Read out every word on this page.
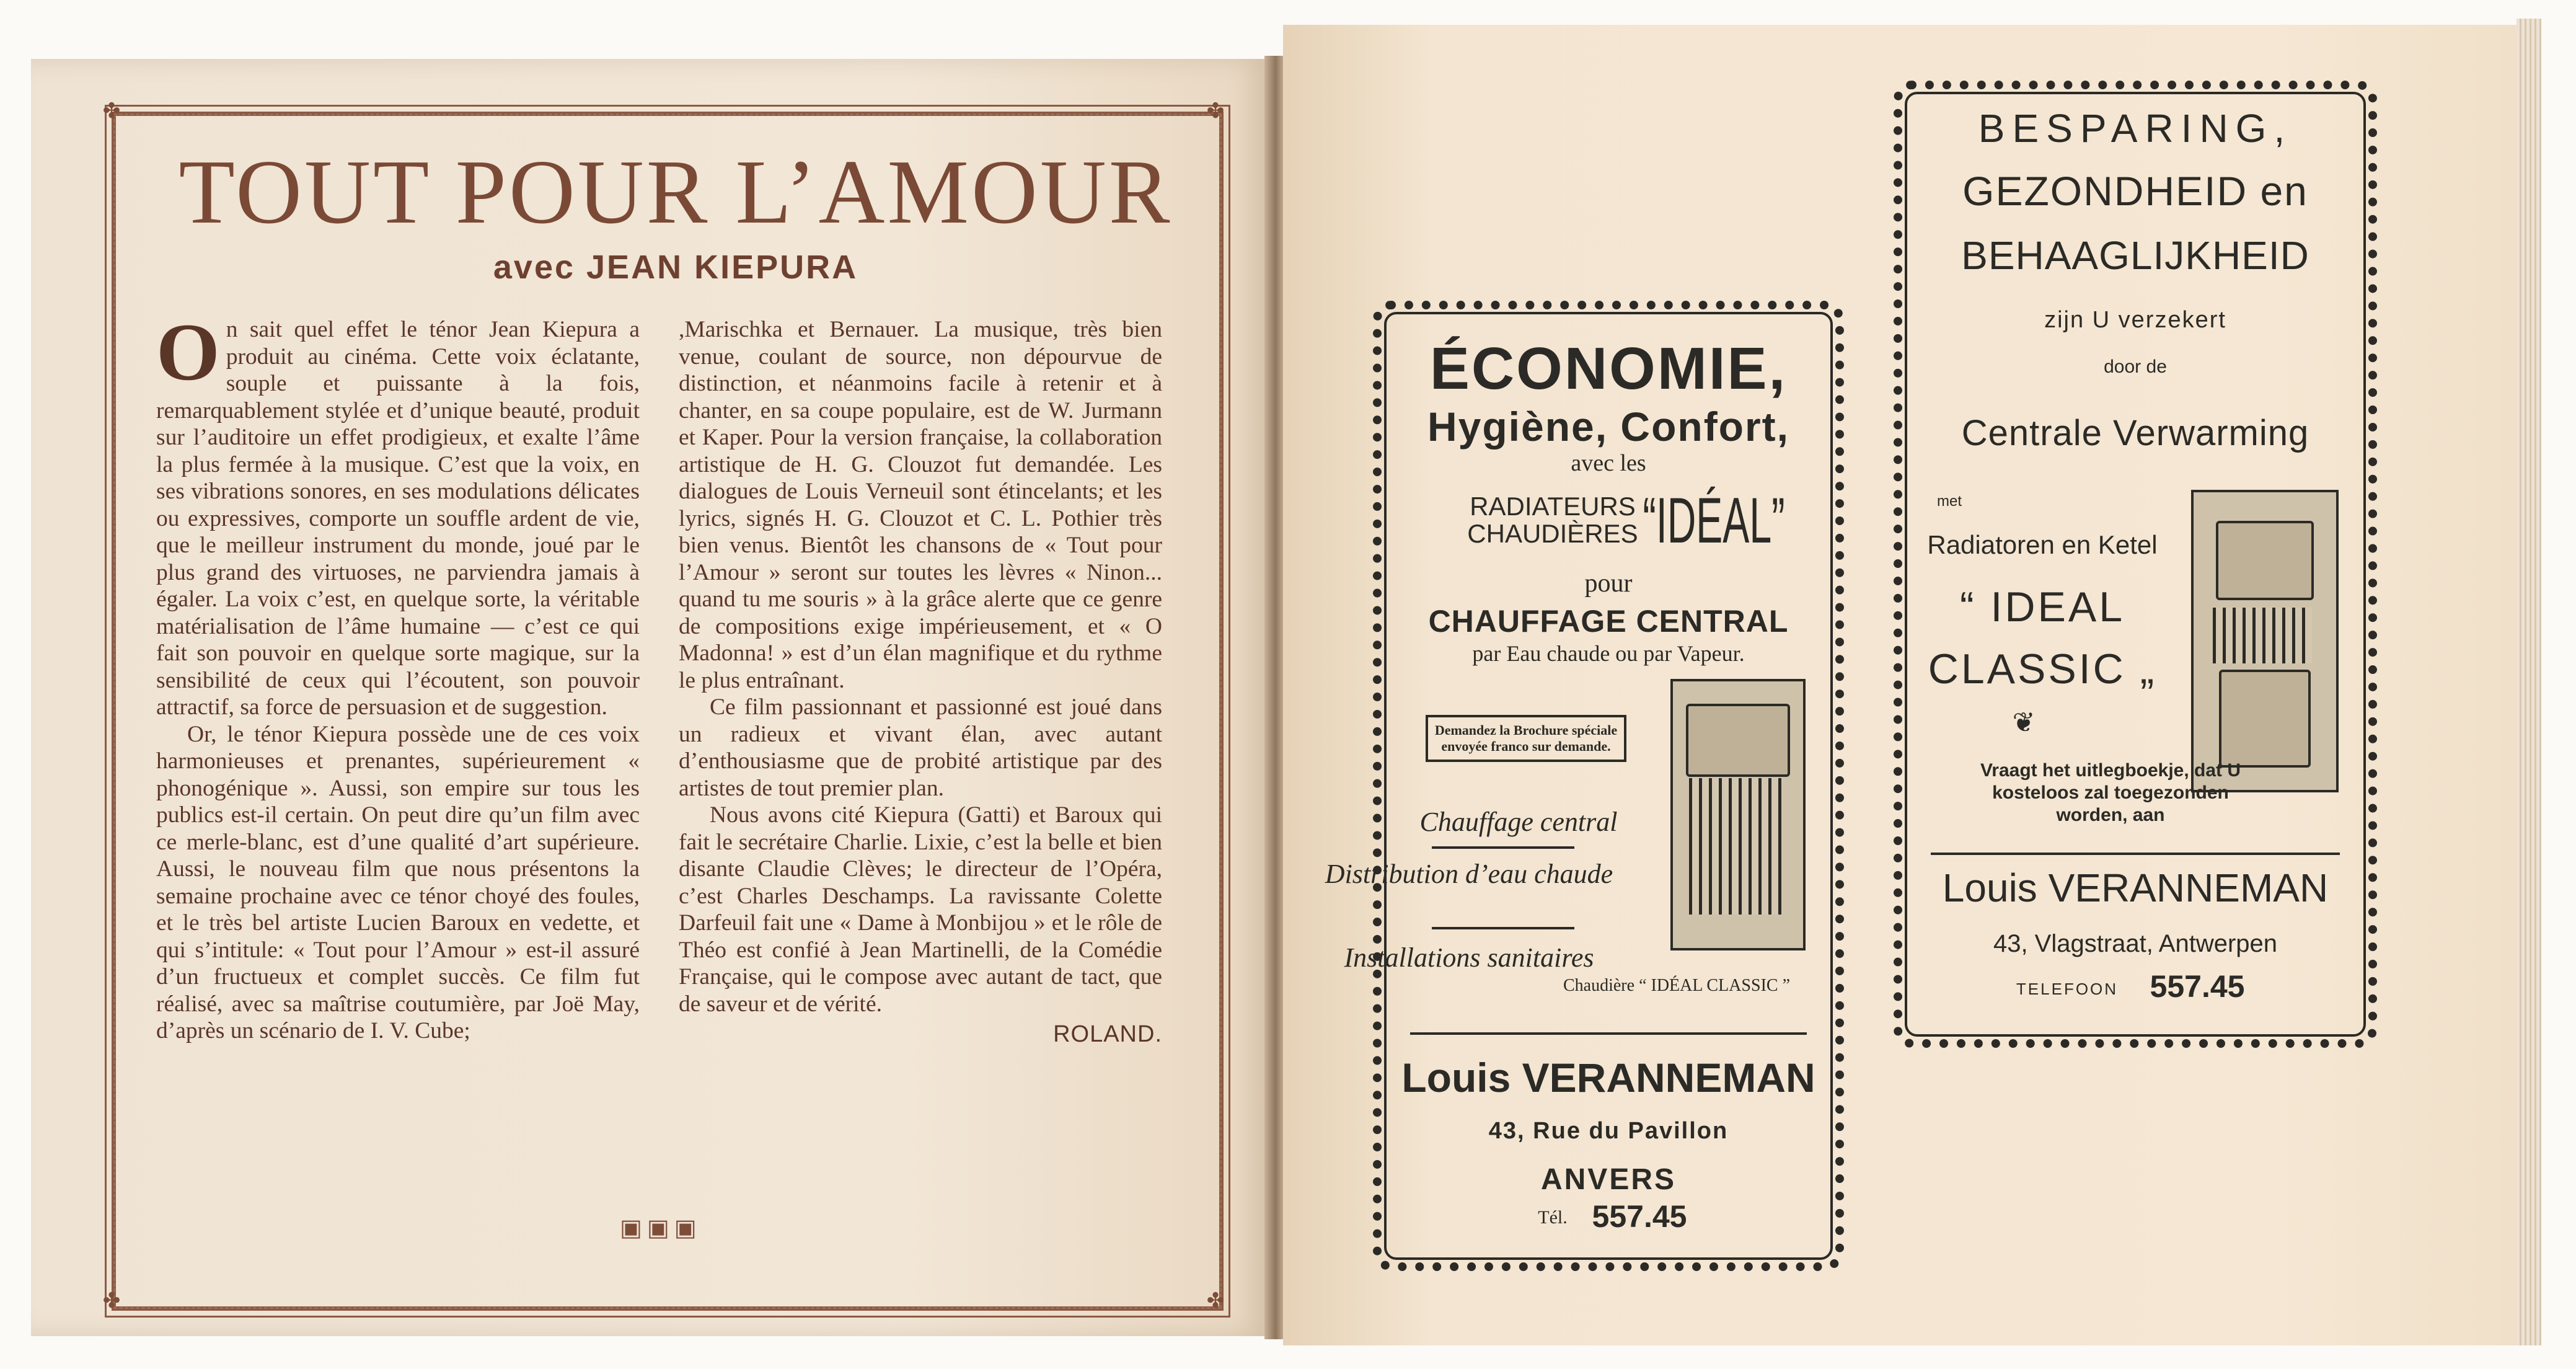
✤	✤
✤	✤
TOUT POUR L’AMOUR
avec JEAN KIEPURA

On sait quel effet le ténor Jean Kiepura a produit au cinéma. Cette voix éclatante, souple et puissante à la fois, remarquablement stylée et d’unique beauté, produit sur l’auditoire un effet prodigieux, et exalte l’âme la plus fermée à la musique. C’est que la voix, en ses vibrations sonores, en ses modulations délicates ou expressives, comporte un souffle ardent de vie, que le meilleur instrument du monde, joué par le plus grand des virtuoses, ne parviendra jamais à égaler. La voix c’est, en quelque sorte, la véritable matérialisation de l’âme humaine — c’est ce qui fait son pouvoir en quelque sorte magique, sur la sensibilité de ceux qui l’écoutent, son pouvoir attractif, sa force de persuasion et de suggestion.

Or, le ténor Kiepura possède une de ces voix harmonieuses et prenantes, supérieurement « phonogénique ». Aussi, son empire sur tous les publics est-il certain. On peut dire qu’un film avec ce merle-blanc, est d’une qualité d’art supérieure. Aussi, le nouveau film que nous présentons la semaine prochaine avec ce ténor choyé des foules, et le très bel artiste Lucien Baroux en vedette, et qui s’intitule: « Tout pour l’Amour » est-il assuré d’un fructueux et complet succès. Ce film fut réalisé, avec sa maîtrise coutumière, par Joë May, d’après un scénario de I. V. Cube;

,Marischka et Bernauer. La musique, très bien venue, coulant de source, non dépourvue de distinction, et néanmoins facile à retenir et à chanter, en sa coupe populaire, est de W. Jurmann et Kaper. Pour la version française, la collaboration artistique de H. G. Clouzot fut demandée. Les dialogues de Louis Verneuil sont étincelants; et les lyrics, signés H. G. Clouzot et C. L. Pothier très bien venus. Bientôt les chansons de « Tout pour l’Amour » seront sur toutes les lèvres « Ninon... quand tu me souris » à la grâce alerte que ce genre de compositions exige impérieusement, et « O Madonna! » est d’un élan magnifique et du rythme le plus entraînant.

Ce film passionnant et passionné est joué dans un radieux et vivant élan, avec autant d’enthousiasme que de probité artistique par des artistes de tout premier plan.

Nous avons cité Kiepura (Gatti) et Baroux qui fait le secrétaire Charlie. Lixie, c’est la belle et bien disante Claudie Clèves; le directeur de l’Opéra, c’est Charles Deschamps. La ravissante Colette Darfeuil fait une « Dame à Monbijou » et le rôle de Théo est confié à Jean Martinelli, de la Comédie Française, qui le compose avec autant de tact, que de saveur et de vérité.

ROLAND.
▣▣▣
ÉCONOMIE,
Hygiène, Confort,
avec les
RADIATEURS
CHAUDIÈRES “IDÉAL”
pour
CHAUFFAGE CENTRAL
par Eau chaude ou par Vapeur.
Demandez la Brochure spéciale envoyée franco sur demande.
Chauffage central
Distribution d’eau chaude
Installations sanitaires
Chaudière “ IDÉAL CLASSIC ”
Louis VERANNEMAN
43, Rue du Pavillon
ANVERS
Tél. 557.45
BESPARING,
GEZONDHEID en
BEHAAGLIJKHEID
zijn U verzekert
door de
Centrale Verwarming
met
Radiatoren en Ketel
“ IDEAL
CLASSIC „
❦
Vraagt het uitlegboekje, dat U kosteloos zal toegezonden worden, aan
Louis VERANNEMAN
43, Vlagstraat, Antwerpen
TELEFOON	557.45
